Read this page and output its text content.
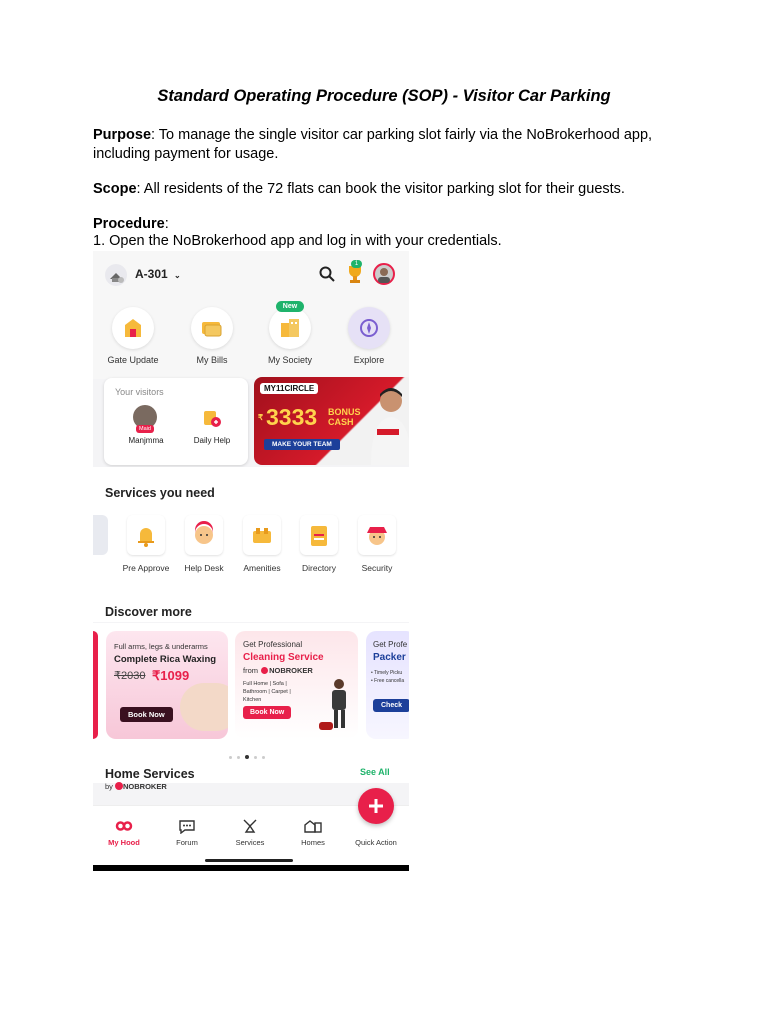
Standard Operating Procedure (SOP) - Visitor Car Parking
Purpose: To manage the single visitor car parking slot fairly via the NoBrokerhood app, including payment for usage.
Scope: All residents of the 72 flats can book the visitor parking slot for their guests.
Procedure:
1. Open the NoBrokerhood app and log in with your credentials.
A-301 ⌄
1
Gate Update	My Bills	My Society
New
Explore
Your visitors
Maid
Manjmma	Daily Help
MY11CIRCLE
₹ 3333 BONUS
CASH
MAKE YOUR TEAM
Services you need
Pre Approve	Help Desk	Amenities	Directory	Security
Discover more
Full arms, legs & underarms
Complete Rica Waxing
₹2030 ₹1099
Book Now
Get Professional
Cleaning Service
from NOBROKER
Full Home | Sofa | Bathroom | Carpet | Kitchen
Book Now
Get Profe
Packer
• Timely Picku
• Free cancella
Check
Home Services
by NOBROKER
See All
My Hood	Forum	Services	Homes	Quick Action
